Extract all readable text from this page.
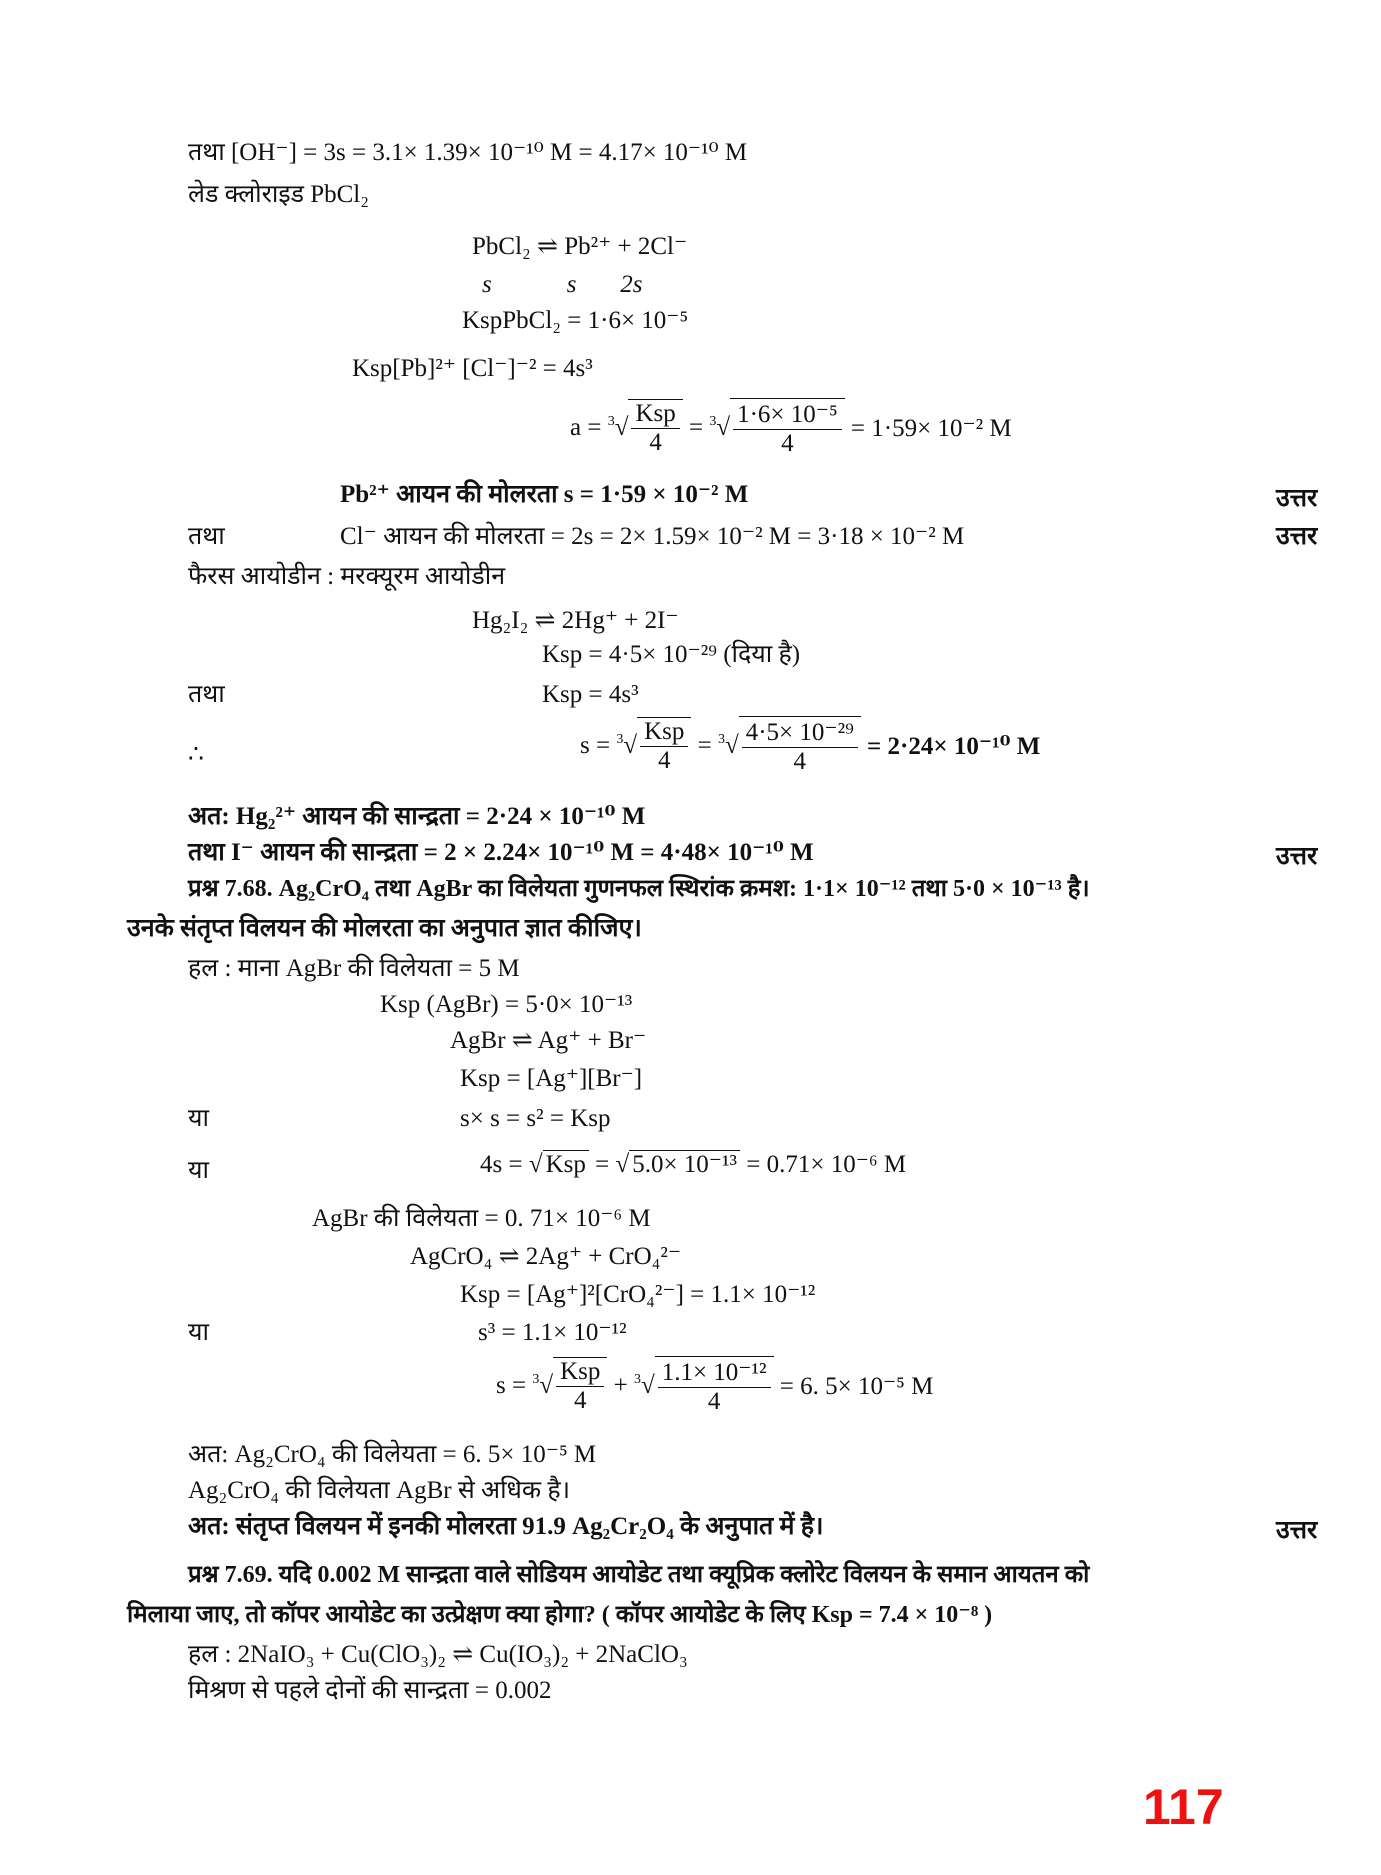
तथा [OH⁻] = 3s = 3.1× 1.39× 10⁻¹⁰ M = 4.17× 10⁻¹⁰ M
लेड क्लोराइड PbCl₂
PbCl₂ ⇌ Pb²⁺ + 2Cl⁻
s            s       2s
KspPbCl₂ = 1·6× 10⁻⁵
Ksp[Pb]²⁺ [Cl⁻]⁻² = 4s³
$a = ^3√ \frac{\text{Ksp}}{4} = ^3√ \frac{\text{1·6× 10⁻⁵}}{4} = 1\cdot 59\times 10^{-2}$ M
Pb²⁺ आयन की मोलरता s = 1·59 × 10⁻² M	उत्तर
तथा	Cl⁻ आयन की मोलरता = 2s = 2× 1.59× 10⁻² M = 3·18 × 10⁻² M	उत्तर
फैरस आयोडीन : मरक्यूरम आयोडीन
Hg₂I₂ ⇌ 2Hg⁺ + 2I⁻
Ksp = 4·5× 10⁻²⁹ (दिया है)
तथा	Ksp = 4s³
∴	$s = ^3√ \frac{\text{Ksp}}{4} = ^3√ \frac{\text{4·5× 10⁻²⁹}}{4} = 2\cdot 24\times 10^{-10}$ M
अत: Hg₂²⁺ आयन की सान्द्रता = 2·24 × 10⁻¹⁰ M
तथा I⁻ आयन की सान्द्रता = 2 × 2.24× 10⁻¹⁰ M = 4·48× 10⁻¹⁰ M	उत्तर
प्रश्न 7.68. Ag₂CrO₄ तथा AgBr का विलेयता गुणनफल स्थिरांक क्रमश: 1·1× 10⁻¹² तथा 5·0 × 10⁻¹³ है।
उनके संतृप्त विलयन की मोलरता का अनुपात ज्ञात कीजिए।
हल : माना AgBr की विलेयता = 5 M
Ksp (AgBr) = 5·0× 10⁻¹³
AgBr ⇌ Ag⁺ + Br⁻
Ksp = [Ag⁺][Br⁻]
या	s× s = s² = Ksp
या	4s = √ Ksp = √ 5.0× 10⁻¹³ = 0.71× 10⁻⁶ M
AgBr की विलेयता = 0. 71× 10⁻⁶ M
AgCrO₄ ⇌ 2Ag⁺ + CrO₄²⁻
Ksp = [Ag⁺]²[CrO₄²⁻] = 1.1× 10⁻¹²
या	s³ = 1.1× 10⁻¹²
$s = ^3√ \frac{\text{Ksp}}{4} + ^3√ \frac{\text{1.1× 10⁻¹²}}{4} = 6$. 5× 10⁻⁵ M
अत: Ag₂CrO₄ की विलेयता = 6. 5× 10⁻⁵ M
Ag₂CrO₄ की विलेयता AgBr से अधिक है।
अत: संतृप्त विलयन में इनकी मोलरता 91.9 Ag₂Cr₂O₄ के अनुपात में है।	उत्तर
प्रश्न 7.69. यदि 0.002 M सान्द्रता वाले सोडियम आयोडेट तथा क्यूप्रिक क्लोरेट विलयन के समान आयतन को
मिलाया जाए, तो कॉपर आयोडेट का उत्प्रेक्षण क्या होगा? ( कॉपर आयोडेट के लिए Ksp = 7.4 × 10⁻⁸ )
हल : 2NaIO₃ + Cu(ClO₃)₂ ⇌ Cu(IO₃)₂ + 2NaClO₃
मिश्रण से पहले दोनों की सान्द्रता = 0.002
117
